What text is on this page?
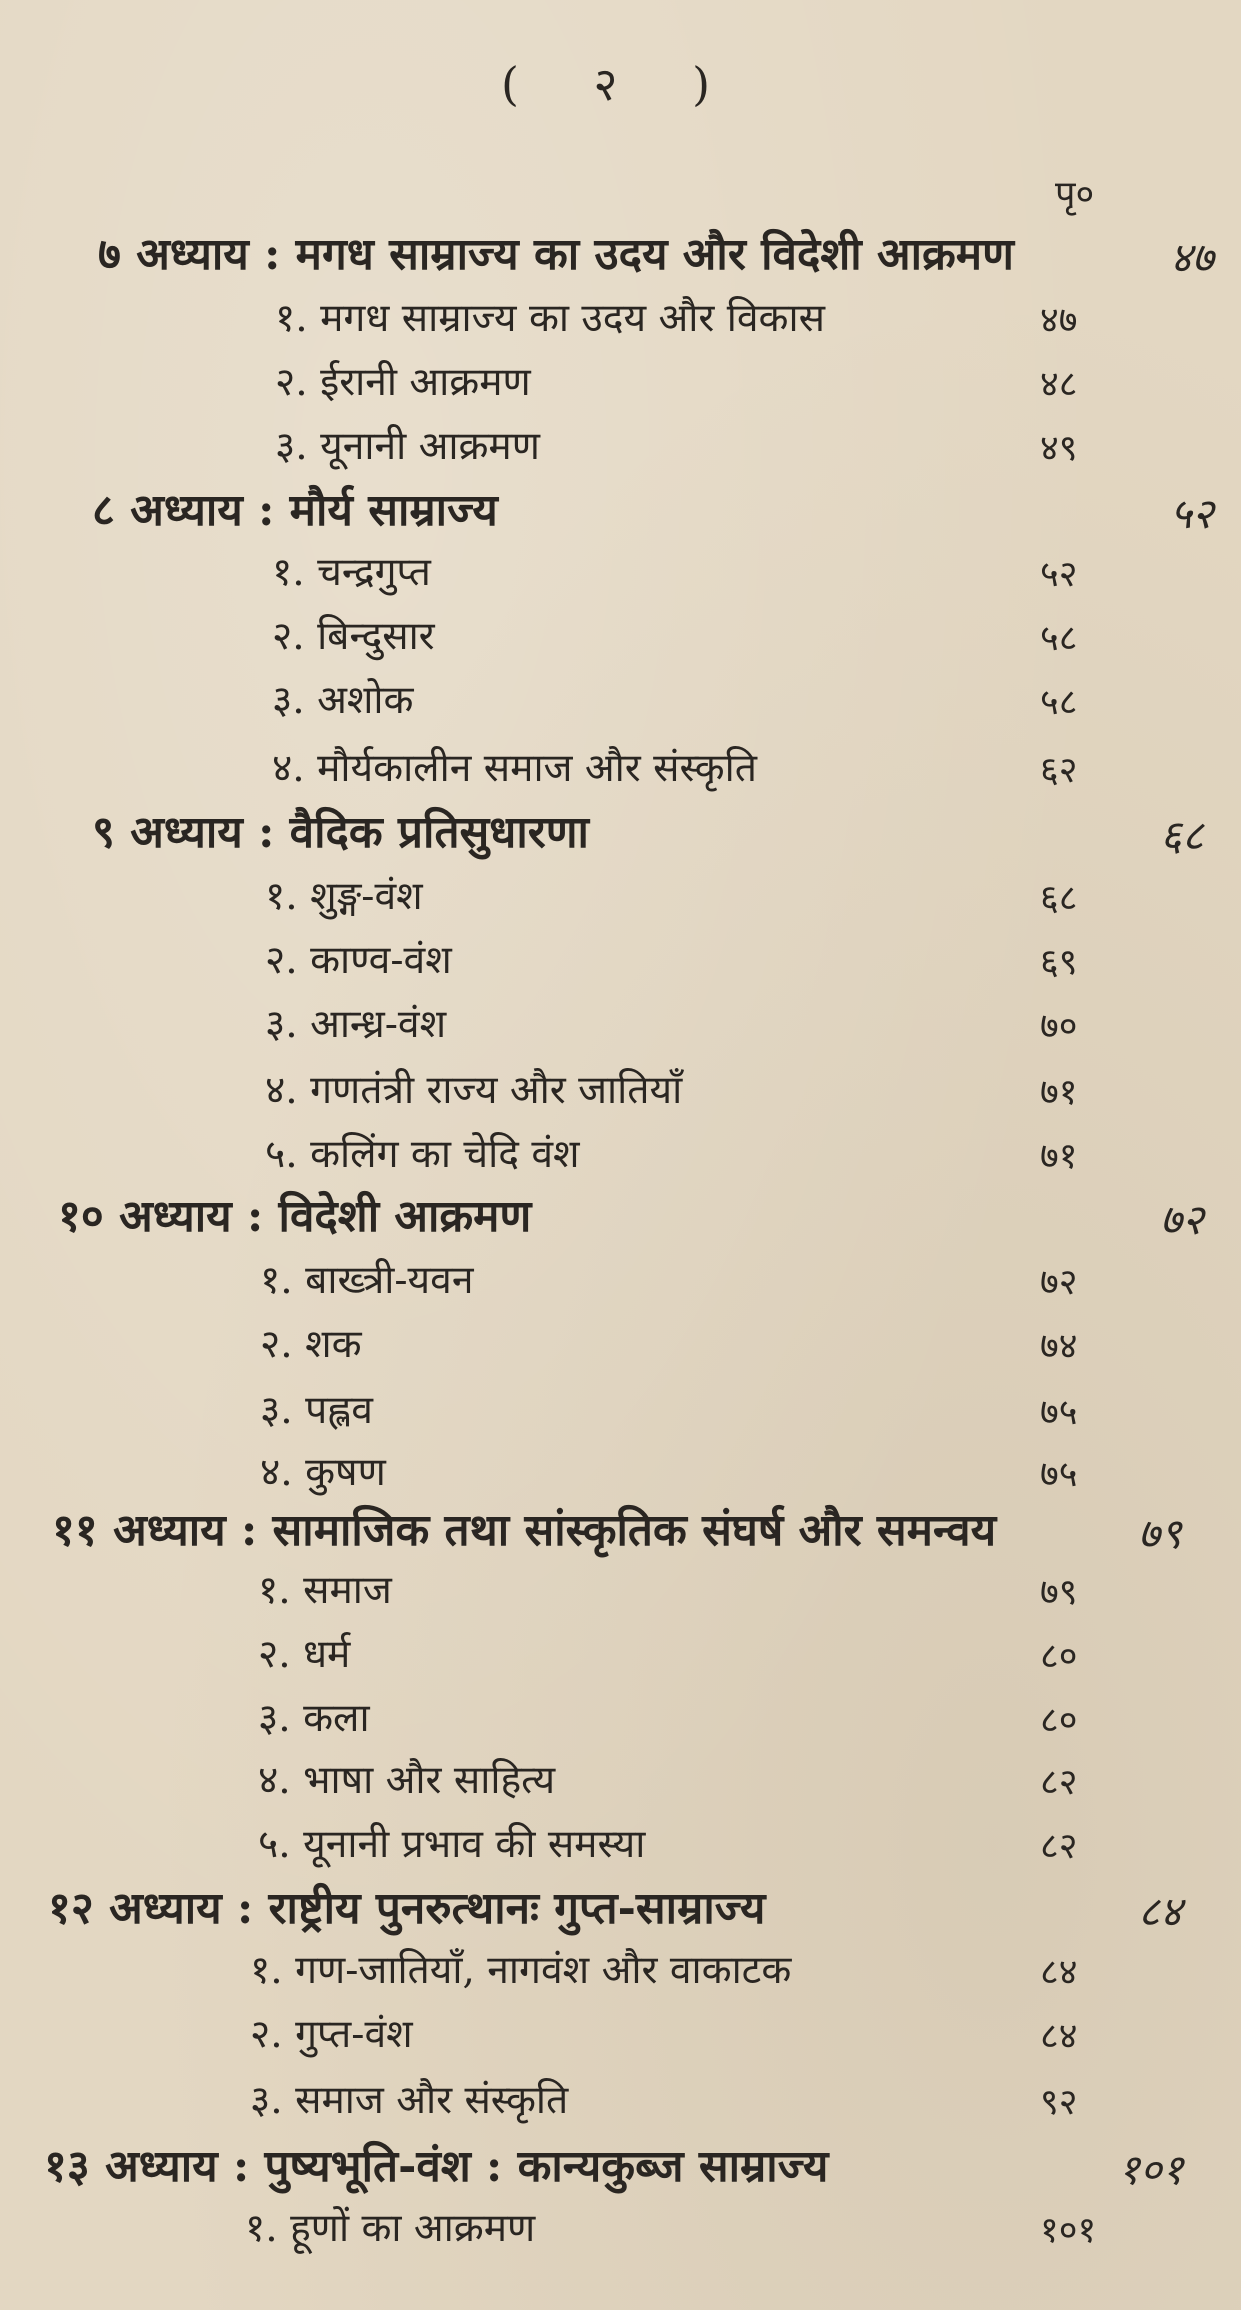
( २ )
पृ०
७ अध्याय : मगध साम्राज्य का उदय और विदेशी आक्रमण	४७
१. मगध साम्राज्य का उदय और विकास	४७
२. ईरानी आक्रमण	४८
३. यूनानी आक्रमण	४९
८ अध्याय : मौर्य साम्राज्य	५२
१. चन्द्रगुप्त	५२
२. बिन्दुसार	५८
३. अशोक	५८
४. मौर्यकालीन समाज और संस्कृति	६२
९ अध्याय : वैदिक प्रतिसुधारणा	६८
१. शुङ्ग-वंश	६८
२. काण्व-वंश	६९
३. आन्ध्र-वंश	७०
४. गणतंत्री राज्य और जातियाँ	७१
५. कलिंग का चेदि वंश	७१
१० अध्याय : विदेशी आक्रमण	७२
१. बाख्त्री-यवन	७२
२. शक	७४
३. पह्लव	७५
४. कुषण	७५
११ अध्याय : सामाजिक तथा सांस्कृतिक संघर्ष और समन्वय	७९
१. समाज	७९
२. धर्म	८०
३. कला	८०
४. भाषा और साहित्य	८२
५. यूनानी प्रभाव की समस्या	८२
१२ अध्याय : राष्ट्रीय पुनरुत्थानः गुप्त-साम्राज्य	८४
१. गण-जातियाँ, नागवंश और वाकाटक	८४
२. गुप्त-वंश	८४
३. समाज और संस्कृति	९२
१३ अध्याय : पुष्यभूति-वंश : कान्यकुब्ज साम्राज्य	१०१
१. हूणों का आक्रमण	१०१
